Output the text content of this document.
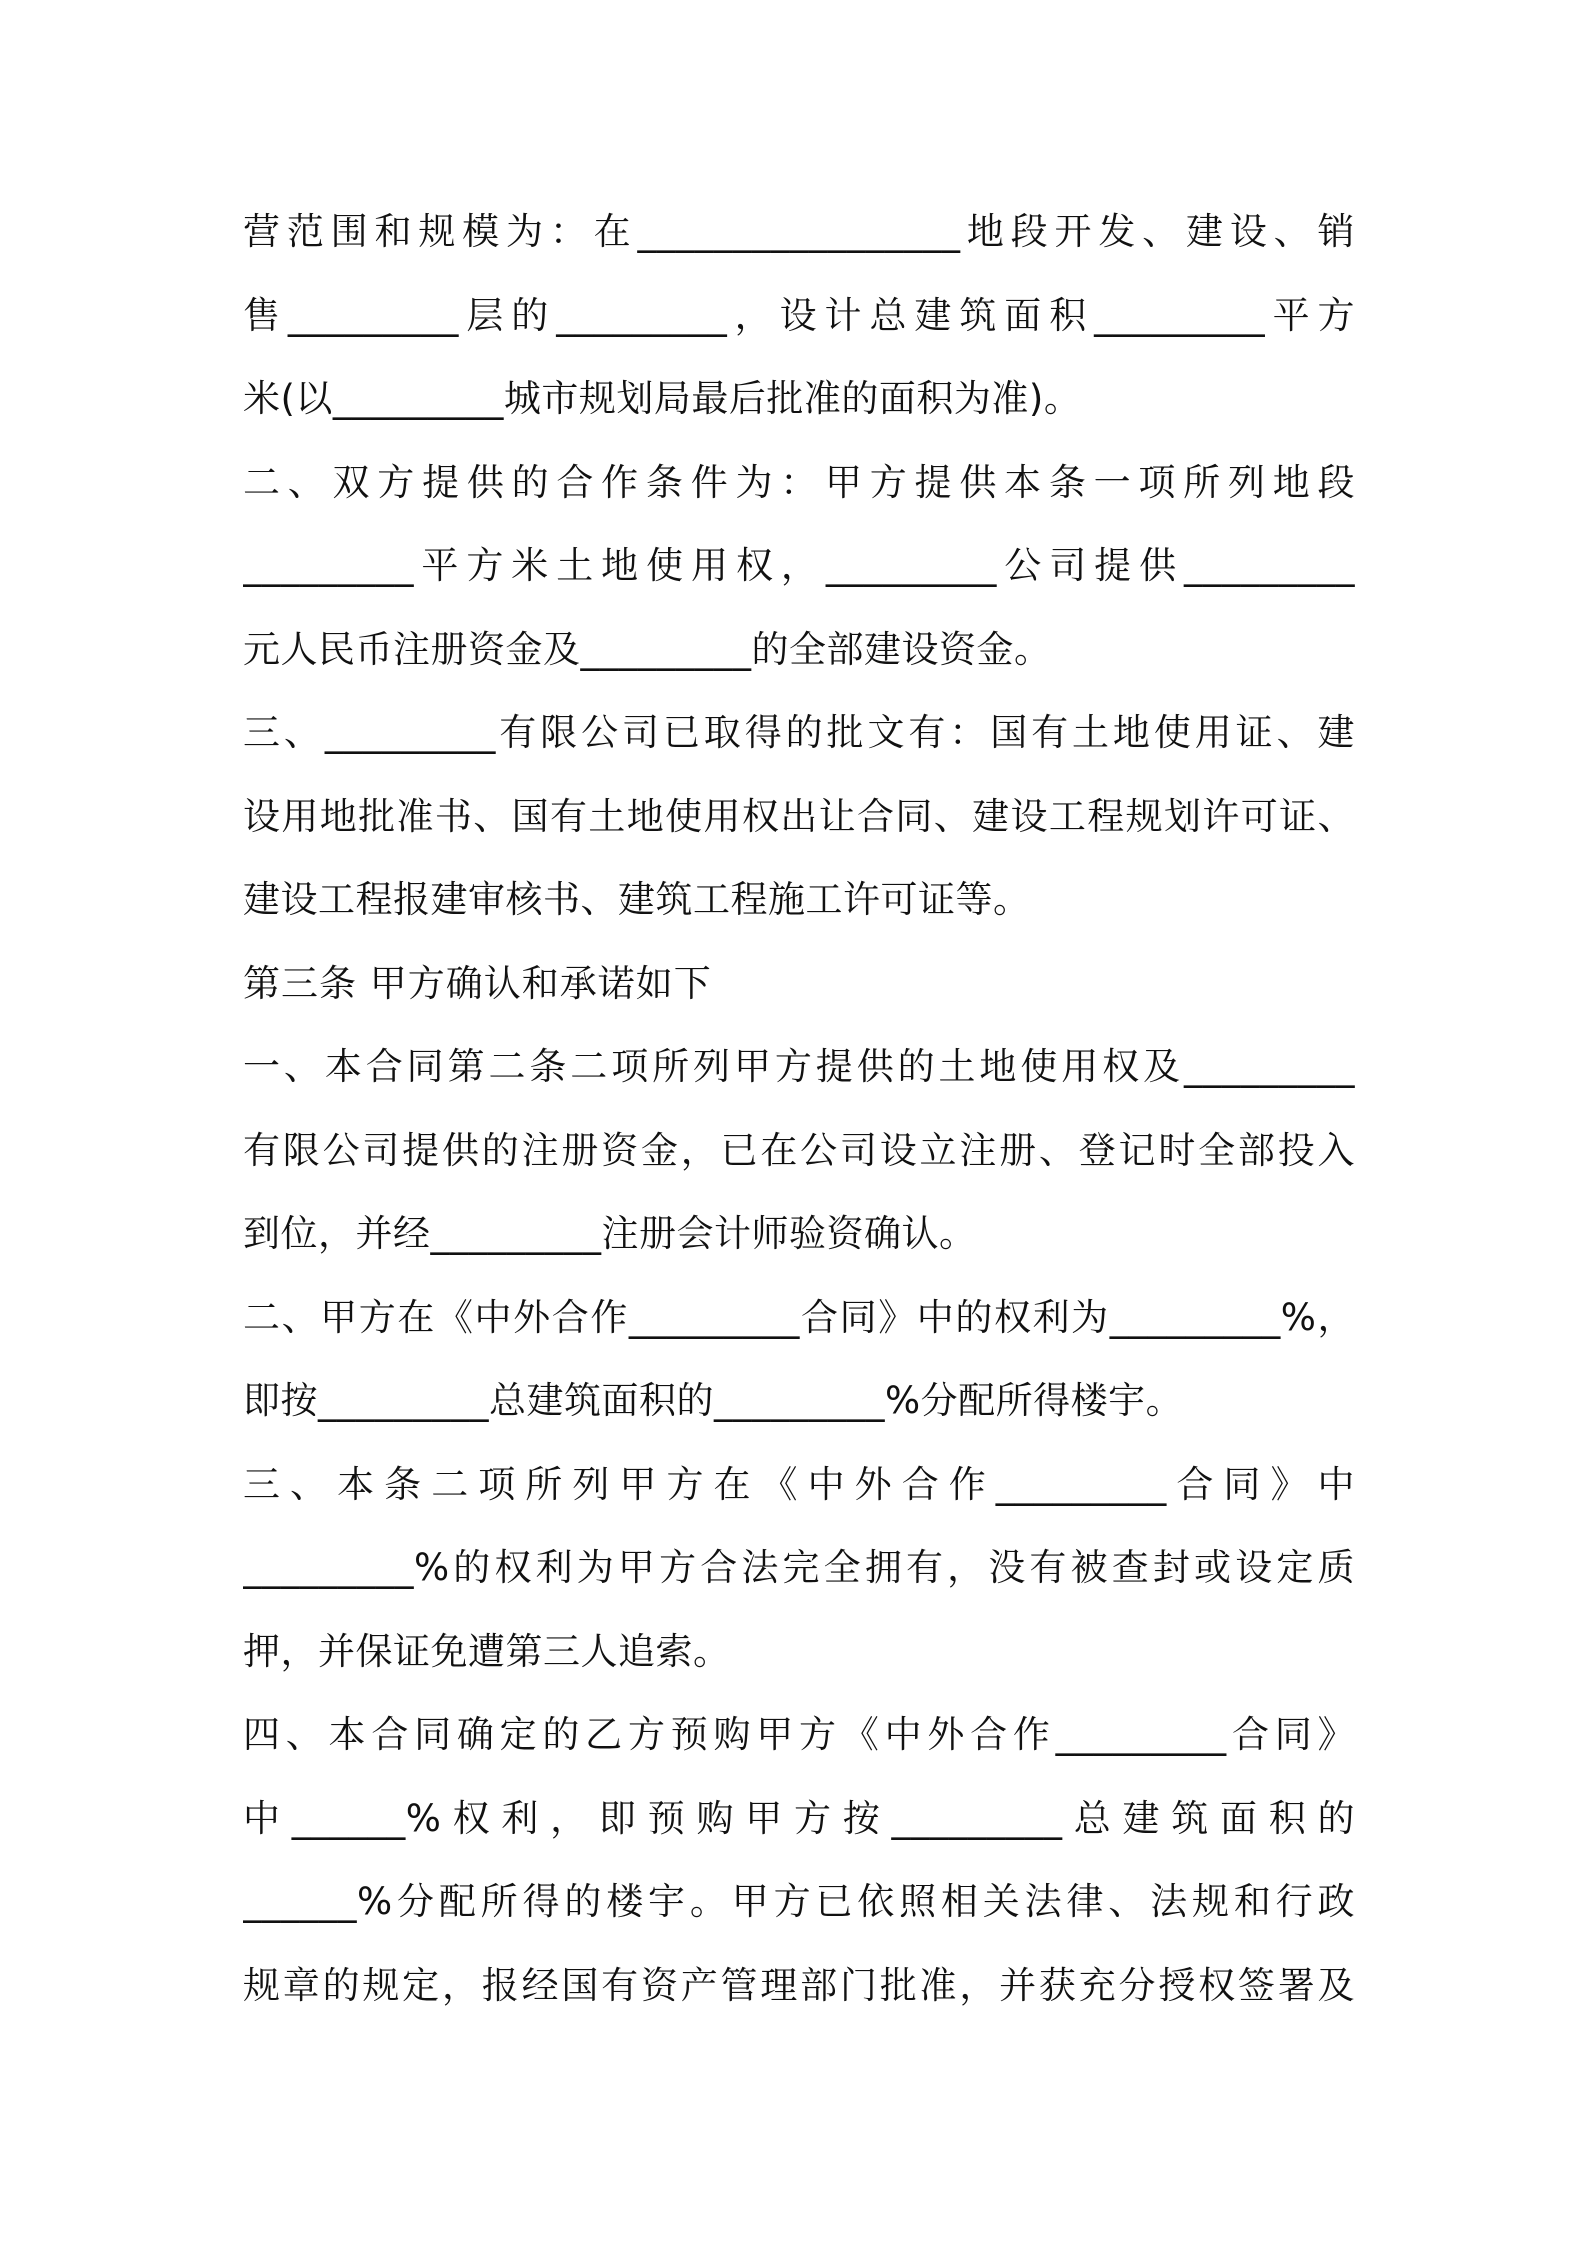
营范围和规模为：在_________________地段开发、建设、销
售_________层的_________，设计总建筑面积_________平方
米(以_________城市规划局最后批准的面积为准)。
二、双方提供的合作条件为：甲方提供本条一项所列地段
_________平方米土地使用权，_________公司提供_________
元人民币注册资金及_________的全部建设资金。
三、_________有限公司已取得的批文有：国有土地使用证、建
设用地批准书、国有土地使用权出让合同、建设工程规划许可证、
建设工程报建审核书、建筑工程施工许可证等。
第三条 甲方确认和承诺如下
一、本合同第二条二项所列甲方提供的土地使用权及_________
有限公司提供的注册资金，已在公司设立注册、登记时全部投入
到位，并经_________注册会计师验资确认。
二、甲方在《中外合作_________合同》中的权利为_________%，
即按_________总建筑面积的_________%分配所得楼宇。
三、本条二项所列甲方在《中外合作_________合同》中
_________%的权利为甲方合法完全拥有，没有被查封或设定质
押，并保证免遭第三人追索。
四、本合同确定的乙方预购甲方《中外合作_________合同》
中______%权利，即预购甲方按_________总建筑面积的
______%分配所得的楼宇。甲方已依照相关法律、法规和行政
规章的规定，报经国有资产管理部门批准，并获充分授权签署及
